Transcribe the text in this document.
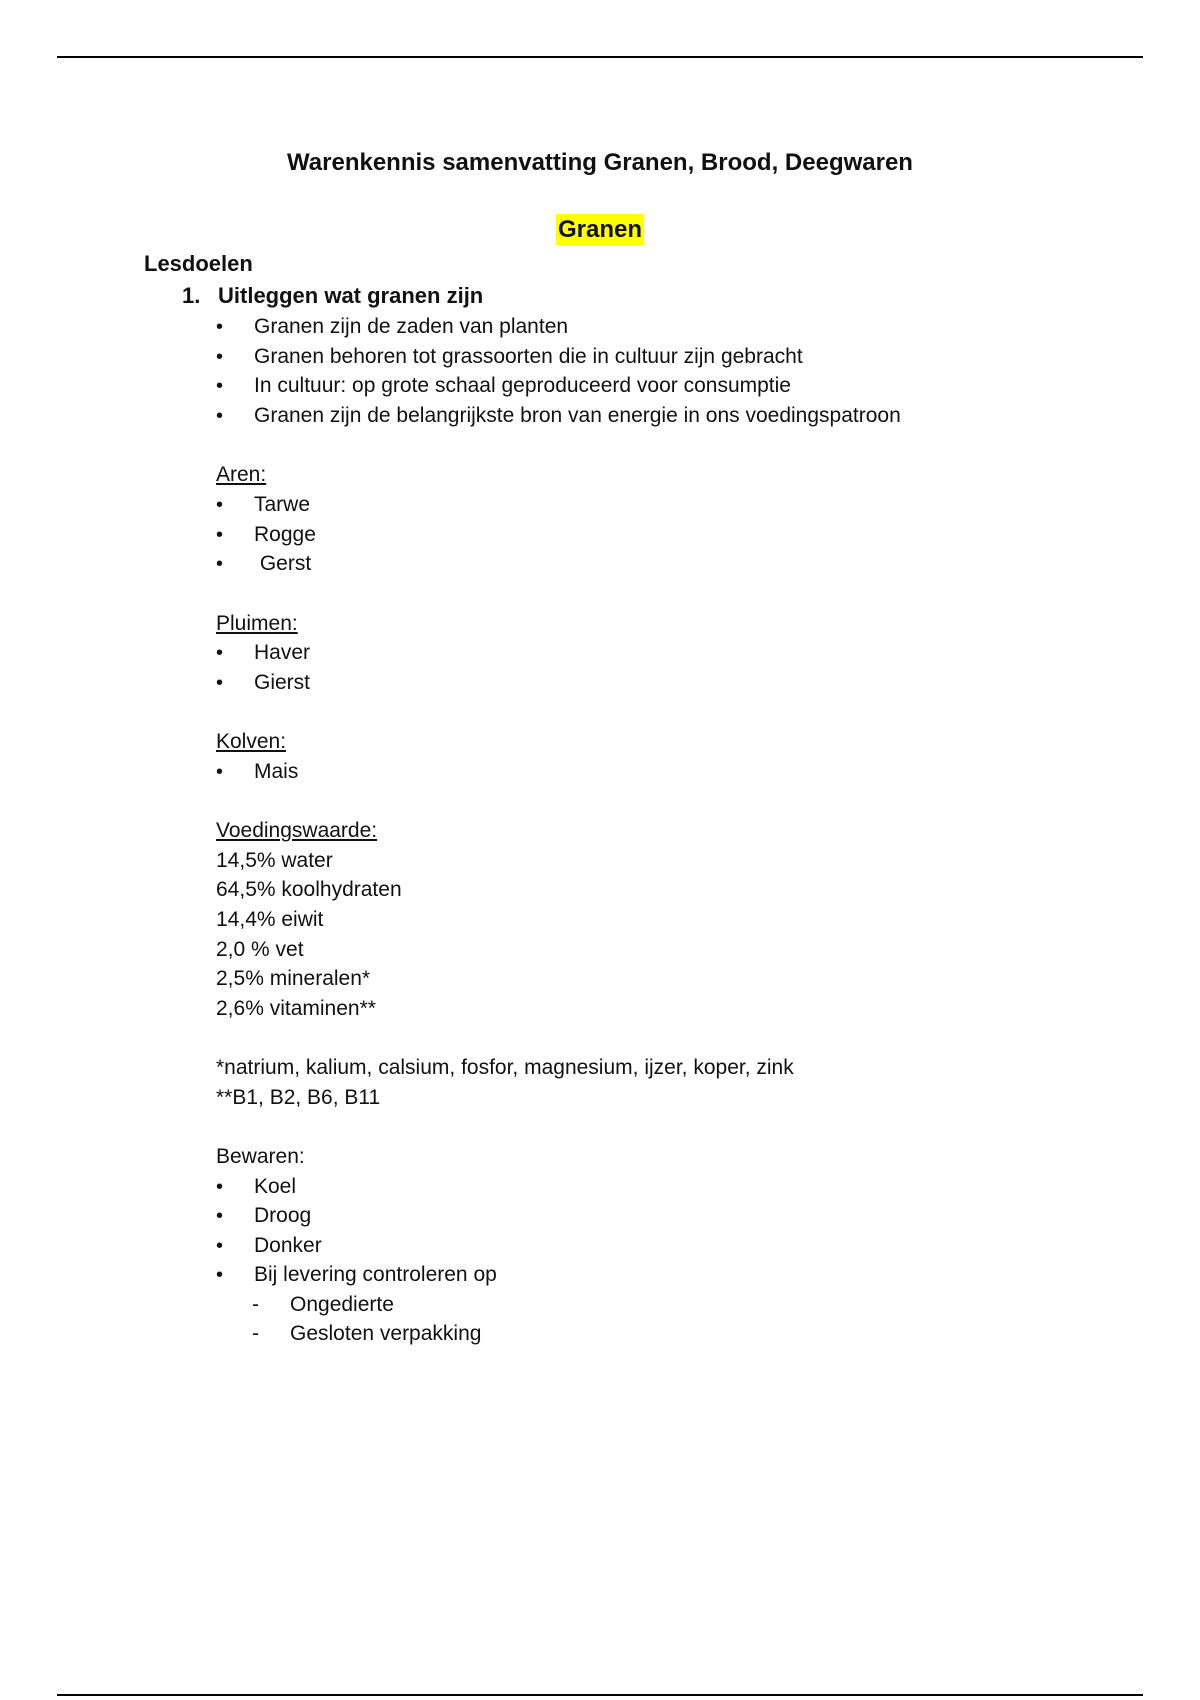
Warenkennis samenvatting Granen, Brood, Deegwaren
Granen
Lesdoelen
1. Uitleggen wat granen zijn
• Granen zijn de zaden van planten
• Granen behoren tot grassoorten die in cultuur zijn gebracht
• In cultuur: op grote schaal geproduceerd voor consumptie
• Granen zijn de belangrijkste bron van energie in ons voedingspatroon
Aren:
• Tarwe
• Rogge
• Gerst
Pluimen:
• Haver
• Gierst
Kolven:
• Mais
Voedingswaarde:
14,5% water
64,5% koolhydraten
14,4% eiwit
2,0 % vet
2,5% mineralen*
2,6% vitaminen**
*natrium, kalium, calsium, fosfor, magnesium, ijzer, koper, zink
**B1, B2, B6, B11
Bewaren:
• Koel
• Droog
• Donker
• Bij levering controleren op
- Ongedierte
- Gesloten verpakking
